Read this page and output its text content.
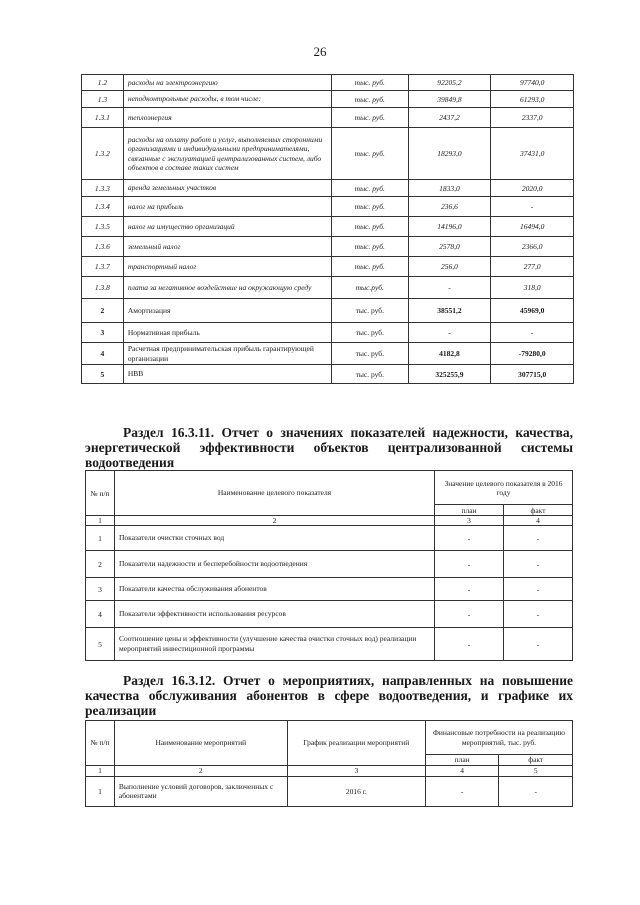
26
1.2	расходы на электроэнергию	тыс. руб.	92205,2	97740,0
1.3	неподконтрольные расходы, в том числе:	тыс. руб.	39849,8	61293,0
1.3.1	теплоэнергия	тыс. руб.	2437,2	2337,0
1.3.2	расходы на оплату работ и услуг, выполняемых сторонними организациями и индивидуальными предпринимателями, связанные с эксплуатацией централизованных систем, либо объектов в составе таких систем	тыс. руб.	18293,0	37431,0
1.3.3	аренда земельных участков	тыс. руб.	1833,0	2020,0
1.3.4	налог на прибыль	тыс. руб.	236,6	-
1.3.5	налог на имущество организаций	тыс. руб.	14196,0	16494,0
1.3.6	земельный налог	тыс. руб.	2578,0	2366,0
1.3.7	транспортный налог	тыс. руб.	256,0	277,0
1.3.8	плата за негативное воздействие на окружающую среду	тыс.руб.	-	318,0
2	Амортизация	тыс. руб.	38551,2	45969,0
3	Нормативная прибыль	тыс. руб.	-	-
4	Расчетная предпринимательская прибыль гарантирующей организации	тыс. руб.	4182,8	-79280,0
5	НВВ	тыс. руб.	325255,9	307715,0
Раздел 16.3.11. Отчет о значениях показателей надежности, качества, энергетической эффективности объектов централизованной системы водоотведения
№ п/п	Наименование целевого показателя	Значение целевого показателя в 2016 году	
		план	факт
1	2	3	4
1	Показатели очистки сточных вод	-	-
2	Показатели надежности и бесперебойности водоотведения	-	-
3	Показатели качества обслуживания абонентов	-	-
4	Показатели эффективности использования ресурсов	-	-
5	Соотношение цены и эффективности (улучшение качества очистки сточных вод) реализации мероприятий инвестиционной программы	-	-
Раздел 16.3.12. Отчет о мероприятиях, направленных на повышение качества обслуживания абонентов в сфере водоотведения, и графике их реализации
№ п/п	Наименование мероприятий	График реализации мероприятий	Финансовые потребности на реализацию мероприятий, тыс. руб.	
			план	факт
1	2	3	4	5
1	Выполнение условий договоров, заключенных с абонентами	2016 г.	-	-
